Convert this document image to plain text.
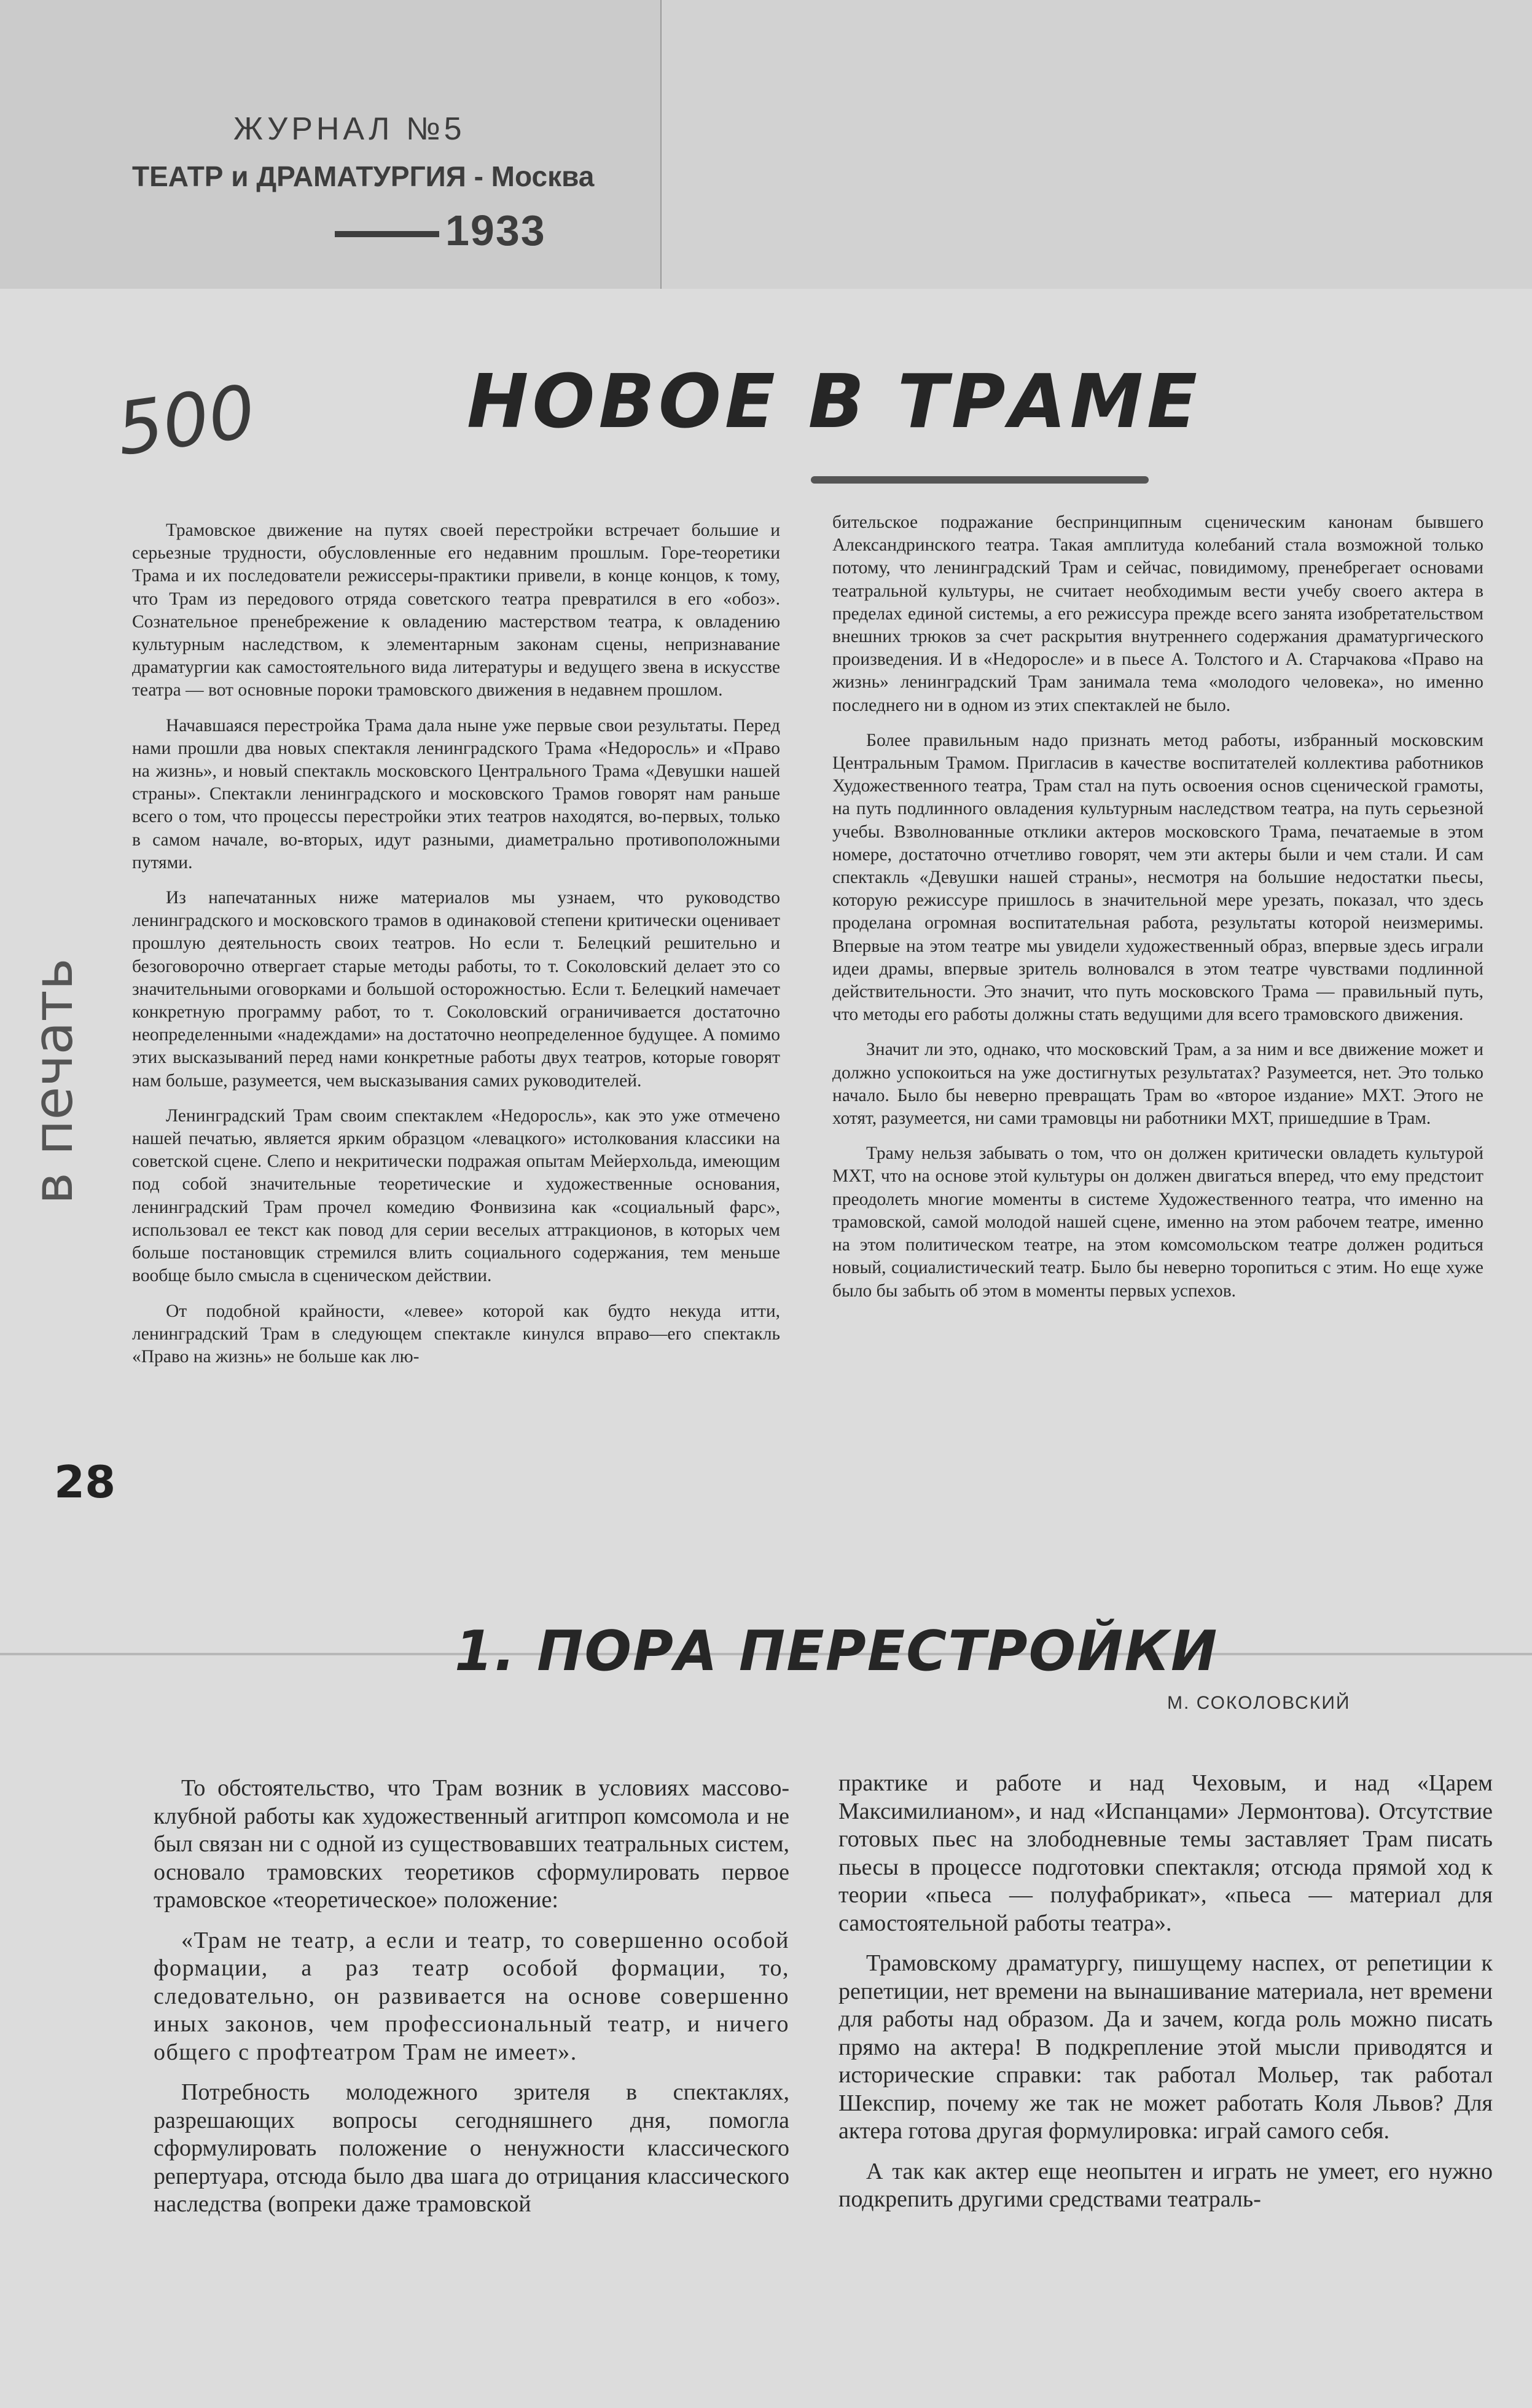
ЖУРНАЛ №5
ТЕАТР и ДРАМАТУРГИЯ - Москва
1933
500	НОВОЕ В ТРАМЕ
в печать
28

Трамовское движение на путях своей перестройки встречает большие и серьезные трудности, обусловленные его недавним прошлым. Горе-теоретики Трама и их последователи режиссеры-практики привели, в конце концов, к тому, что Трам из передового отряда советского театра превратился в его «обоз». Сознательное пренебрежение к овладению мастерством театра, к овладению культурным наследством, к элементарным законам сцены, непризнавание драматургии как самостоятельного вида литературы и ведущего звена в искусстве театра — вот основные пороки трамовского движения в недавнем прошлом.

Начавшаяся перестройка Трама дала ныне уже первые свои результаты. Перед нами прошли два новых спектакля ленинградского Трама «Недоросль» и «Право на жизнь», и новый спектакль московского Центрального Трама «Девушки нашей страны». Спектакли ленинградского и московского Трамов говорят нам раньше всего о том, что процессы перестройки этих театров находятся, во-первых, только в самом начале, во-вторых, идут разными, диаметрально противоположными путями.

Из напечатанных ниже материалов мы узнаем, что руководство ленинградского и московского трамов в одинаковой степени критически оценивает прошлую деятельность своих театров. Но если т. Белецкий решительно и безоговорочно отвергает старые методы работы, то т. Соколовский делает это со значительными оговорками и большой осторожностью. Если т. Белецкий намечает конкретную программу работ, то т. Соколовский ограничивается достаточно неопределенными «надеждами» на достаточно неопределенное будущее. А помимо этих высказываний перед нами конкретные работы двух театров, которые говорят нам больше, разумеется, чем высказывания самих руководителей.

Ленинградский Трам своим спектаклем «Недоросль», как это уже отмечено нашей печатью, является ярким образцом «левацкого» истолкования классики на советской сцене. Слепо и некритически подражая опытам Мейерхольда, имеющим под собой значительные теоретические и художественные основания, ленинградский Трам прочел комедию Фонвизина как «социальный фарс», использовал ее текст как повод для серии веселых аттракционов, в которых чем больше постановщик стремился влить социального содержания, тем меньше вообще было смысла в сценическом действии.

От подобной крайности, «левее» которой как будто некуда итти, ленинградский Трам в следующем спектакле кинулся вправо—его спектакль «Право на жизнь» не больше как лю-

бительское подражание беспринципным сценическим канонам бывшего Александринского театра. Такая амплитуда колебаний стала возможной только потому, что ленинградский Трам и сейчас, повидимому, пренебрегает основами театральной культуры, не считает необходимым вести учебу своего актера в пределах единой системы, а его режиссура прежде всего занята изобретательством внешних трюков за счет раскрытия внутреннего содержания драматургического произведения. И в «Недоросле» и в пьесе А. Толстого и А. Старчакова «Право на жизнь» ленинградский Трам занимала тема «молодого человека», но именно последнего ни в одном из этих спектаклей не было.

Более правильным надо признать метод работы, избранный московским Центральным Трамом. Пригласив в качестве воспитателей коллектива работников Художественного театра, Трам стал на путь освоения основ сценической грамоты, на путь подлинного овладения культурным наследством театра, на путь серьезной учебы. Взволнованные отклики актеров московского Трама, печатаемые в этом номере, достаточно отчетливо говорят, чем эти актеры были и чем стали. И сам спектакль «Девушки нашей страны», несмотря на большие недостатки пьесы, которую режиссуре пришлось в значительной мере урезать, показал, что здесь проделана огромная воспитательная работа, результаты которой неизмеримы. Впервые на этом театре мы увидели художественный образ, впервые здесь играли идеи драмы, впервые зритель волновался в этом театре чувствами подлинной действительности. Это значит, что путь московского Трама — правильный путь, что методы его работы должны стать ведущими для всего трамовского движения.

Значит ли это, однако, что московский Трам, а за ним и все движение может и должно успокоиться на уже достигнутых результатах? Разумеется, нет. Это только начало. Было бы неверно превращать Трам во «второе издание» МХТ. Этого не хотят, разумеется, ни сами трамовцы ни работники МХТ, пришедшие в Трам.

Траму нельзя забывать о том, что он должен критически овладеть культурой МХТ, что на основе этой культуры он должен двигаться вперед, что ему предстоит преодолеть многие моменты в системе Художественного театра, что именно на трамовской, самой молодой нашей сцене, именно на этом рабочем театре, именно на этом политическом театре, на этом комсомольском театре должен родиться новый, социалистический театр. Было бы неверно торопиться с этим. Но еще хуже было бы забыть об этом в моменты первых успехов.

1. ПОРА ПЕРЕСТРОЙКИ
М. СОКОЛОВСКИЙ

То обстоятельство, что Трам возник в условиях массово-клубной работы как художественный агитпроп комсомола и не был связан ни с одной из существовавших театральных систем, основало трамовских теоретиков сформулировать первое трамовское «теоретическое» положение:

«Трам не театр, а если и театр, то совершенно особой формации, а раз театр особой формации, то, следовательно, он развивается на основе совершенно иных законов, чем профессиональный театр, и ничего общего с профтеатром Трам не имеет».

Потребность молодежного зрителя в спектаклях, разрешающих вопросы сегодняшнего дня, помогла сформулировать положение о ненужности классического репертуара, отсюда было два шага до отрицания классического наследства (вопреки даже трамовской

практике и работе и над Чеховым, и над «Царем Максимилианом», и над «Испанцами» Лермонтова). Отсутствие готовых пьес на злободневные темы заставляет Трам писать пьесы в процессе подготовки спектакля; отсюда прямой ход к теории «пьеса — полуфабрикат», «пьеса — материал для самостоятельной работы театра».

Трамовскому драматургу, пишущему наспех, от репетиции к репетиции, нет времени на вынашивание материала, нет времени для работы над образом. Да и зачем, когда роль можно писать прямо на актера! В подкрепление этой мысли приводятся и исторические справки: так работал Мольер, так работал Шекспир, почему же так не может работать Коля Львов? Для актера готова другая формулировка: играй самого себя.

А так как актер еще неопытен и играть не умеет, его нужно подкрепить другими средствами театраль-
